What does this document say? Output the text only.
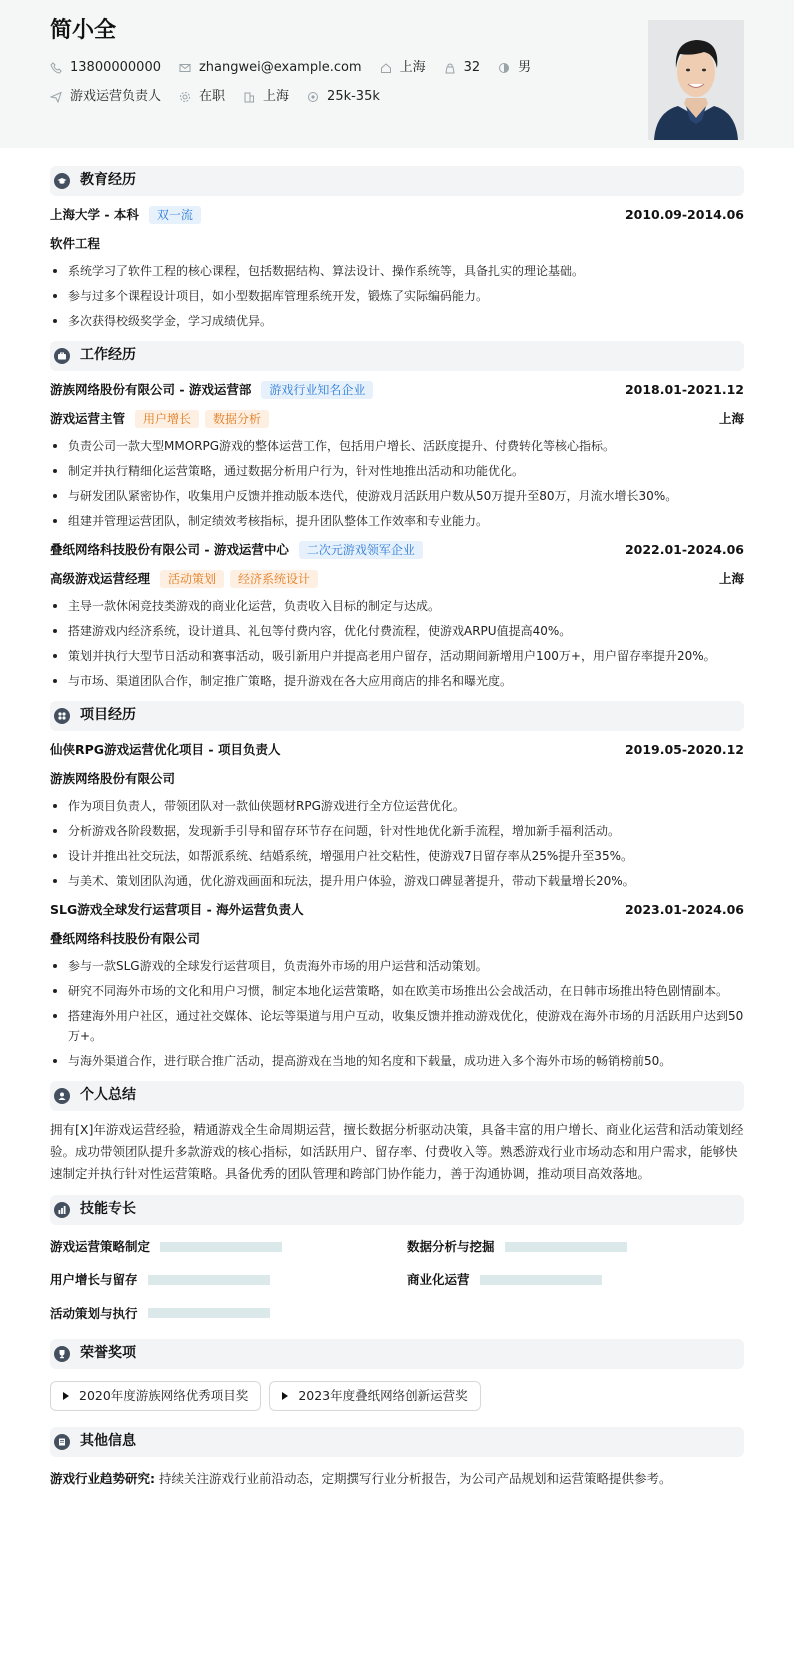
简小全
13800000000	zhangwei@example.com	上海	32	男
游戏运营负责人	在职	上海	25k-35k
教育经历
上海大学 - 本科	双一流	2010.09-2014.06
软件工程
系统学习了软件工程的核心课程，包括数据结构、算法设计、操作系统等，具备扎实的理论基础。
参与过多个课程设计项目，如小型数据库管理系统开发，锻炼了实际编码能力。
多次获得校级奖学金，学习成绩优异。
工作经历
游族网络股份有限公司 - 游戏运营部	游戏行业知名企业	2018.01-2021.12
游戏运营主管	用户增长	数据分析	上海
负责公司一款大型MMORPG游戏的整体运营工作，包括用户增长、活跃度提升、付费转化等核心指标。
制定并执行精细化运营策略，通过数据分析用户行为，针对性地推出活动和功能优化。
与研发团队紧密协作，收集用户反馈并推动版本迭代，使游戏月活跃用户数从50万提升至80万，月流水增长30%。
组建并管理运营团队，制定绩效考核指标，提升团队整体工作效率和专业能力。
叠纸网络科技股份有限公司 - 游戏运营中心	二次元游戏领军企业	2022.01-2024.06
高级游戏运营经理	活动策划	经济系统设计	上海
主导一款休闲竞技类游戏的商业化运营，负责收入目标的制定与达成。
搭建游戏内经济系统，设计道具、礼包等付费内容，优化付费流程，使游戏ARPU值提高40%。
策划并执行大型节日活动和赛事活动，吸引新用户并提高老用户留存，活动期间新增用户100万+，用户留存率提升20%。
与市场、渠道团队合作，制定推广策略，提升游戏在各大应用商店的排名和曝光度。
项目经历
仙侠RPG游戏运营优化项目 - 项目负责人	2019.05-2020.12
游族网络股份有限公司
作为项目负责人，带领团队对一款仙侠题材RPG游戏进行全方位运营优化。
分析游戏各阶段数据，发现新手引导和留存环节存在问题，针对性地优化新手流程，增加新手福利活动。
设计并推出社交玩法，如帮派系统、结婚系统，增强用户社交粘性，使游戏7日留存率从25%提升至35%。
与美术、策划团队沟通，优化游戏画面和玩法，提升用户体验，游戏口碑显著提升，带动下载量增长20%。
SLG游戏全球发行运营项目 - 海外运营负责人	2023.01-2024.06
叠纸网络科技股份有限公司
参与一款SLG游戏的全球发行运营项目，负责海外市场的用户运营和活动策划。
研究不同海外市场的文化和用户习惯，制定本地化运营策略，如在欧美市场推出公会战活动，在日韩市场推出特色剧情副本。
搭建海外用户社区，通过社交媒体、论坛等渠道与用户互动，收集反馈并推动游戏优化，使游戏在海外市场的月活跃用户达到50万+。
与海外渠道合作，进行联合推广活动，提高游戏在当地的知名度和下载量，成功进入多个海外市场的畅销榜前50。
个人总结
拥有[X]年游戏运营经验，精通游戏全生命周期运营，擅长数据分析驱动决策，具备丰富的用户增长、商业化运营和活动策划经验。成功带领团队提升多款游戏的核心指标，如活跃用户、留存率、付费收入等。熟悉游戏行业市场动态和用户需求，能够快速制定并执行针对性运营策略。具备优秀的团队管理和跨部门协作能力，善于沟通协调，推动项目高效落地。
技能专长
游戏运营策略制定	数据分析与挖掘
用户增长与留存	商业化运营
活动策划与执行
荣誉奖项
2020年度游族网络优秀项目奖	2023年度叠纸网络创新运营奖
其他信息
游戏行业趋势研究: 持续关注游戏行业前沿动态，定期撰写行业分析报告，为公司产品规划和运营策略提供参考。
